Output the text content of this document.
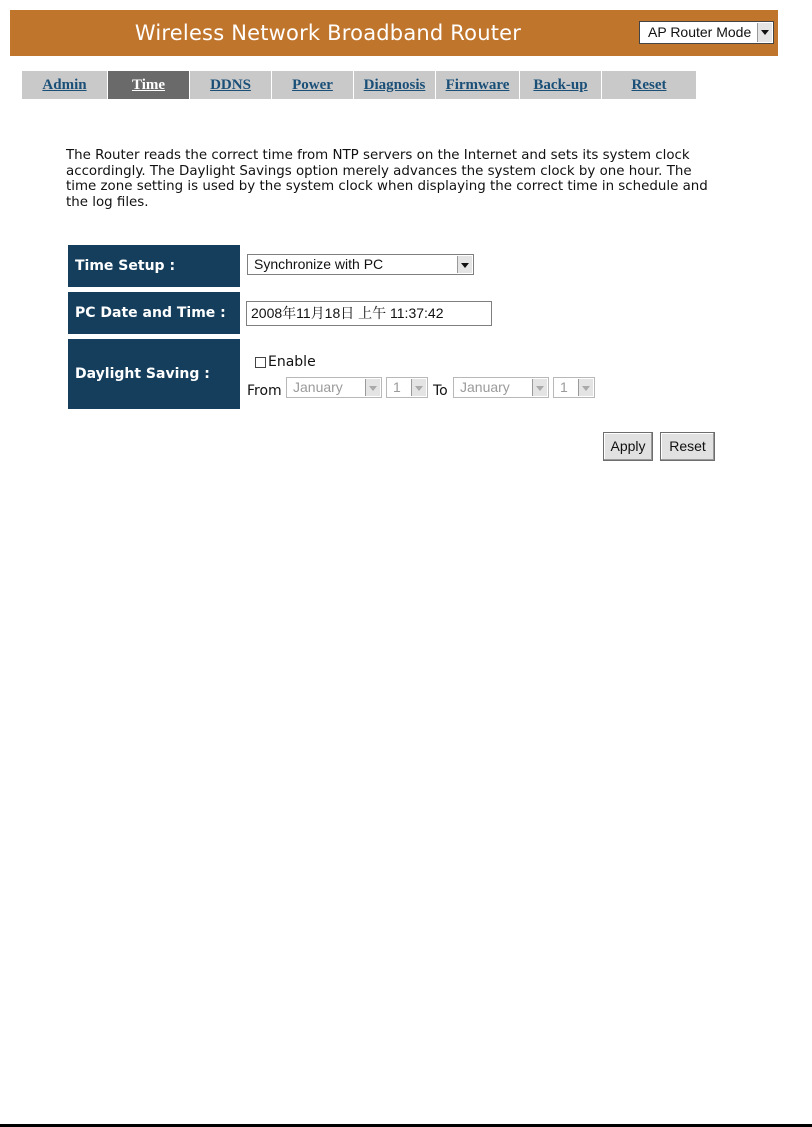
Wireless Network Broadband Router	AP Router Mode
Admin	Time	DDNS	Power	Diagnosis	Firmware	Back-up	Reset
The Router reads the correct time from NTP servers on the Internet and sets its system clock accordingly. The Daylight Savings option merely advances the system clock by one hour. The time zone setting is used by the system clock when displaying the correct time in schedule and the log files.
Time Setup :	Synchronize with PC
PC Date and Time :	2008年11月18日 上午 11:37:42
Daylight Saving :
Enable
From January	1 To January	1
Apply	Reset
